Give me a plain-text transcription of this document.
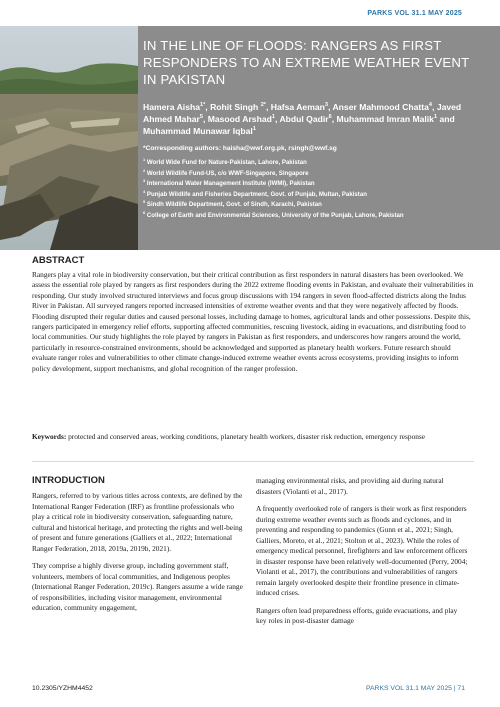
PARKS VOL 31.1 MAY 2025
IN THE LINE OF FLOODS: RANGERS AS FIRST RESPONDERS TO AN EXTREME WEATHER EVENT IN PAKISTAN
Hamera Aisha$^{1*}$, Rohit Singh $^{2*}$, Hafsa Aeman$^3$, Anser Mahmood Chatta$^4$, Javed Ahmed Mahar$^5$, Masood Arshad$^1$, Abdul Qadir$^6$, Muhammad Imran Malik$^1$ and Muhammad Munawar Iqbal$^1$
*Corresponding authors: haisha@wwf.org.pk, rsingh@wwf.sg
$^1$ World Wide Fund for Nature-Pakistan, Lahore, Pakistan
$^2$ World Wildlife Fund-US, c/o WWF-Singapore, Singapore
$^3$ International Water Management Institute (IWMI), Pakistan
$^4$ Punjab Wildlife and Fisheries Department, Govt. of Punjab, Multan, Pakistan
$^5$ Sindh Wildlife Department, Govt. of Sindh, Karachi, Pakistan
$^6$ College of Earth and Environmental Sciences, University of the Punjab, Lahore, Pakistan
ABSTRACT

Rangers play a vital role in biodiversity conservation, but their critical contribution as first responders in natural disasters has been overlooked. We assess the essential role played by rangers as first responders during the 2022 extreme flooding events in Pakistan, and evaluate their vulnerabilities in responding. Our study involved structured interviews and focus group discussions with 194 rangers in seven flood-affected districts along the Indus River in Pakistan. All surveyed rangers reported increased intensities of extreme weather events and that they were negatively affected by floods. Flooding disrupted their regular duties and caused personal losses, including damage to homes, agricultural lands and other possessions. Despite this, rangers participated in emergency relief efforts, supporting affected communities, rescuing livestock, aiding in evacuations, and distributing food to local communities. Our study highlights the role played by rangers in Pakistan as first responders, and underscores how rangers around the world, particularly in resource-constrained environments, should be acknowledged and supported as planetary health workers. Future research should evaluate ranger roles and vulnerabilities to other climate change-induced extreme weather events across ecosystems, providing insights to inform policy development, support mechanisms, and global recognition of the ranger profession.

Keywords: protected and conserved areas, working conditions, planetary health workers, disaster risk reduction, emergency response

INTRODUCTION

Rangers, referred to by various titles across contexts, are defined by the International Ranger Federation (IRF) as frontline professionals who play a critical role in biodiversity conservation, safeguarding nature, cultural and historical heritage, and protecting the rights and well-being of present and future generations (Galliers et al., 2022; International Ranger Federation, 2018, 2019a, 2019b, 2021).

They comprise a highly diverse group, including government staff, volunteers, members of local communities, and Indigenous peoples (International Ranger Federation, 2019c). Rangers assume a wide range of responsibilities, including visitor management, environmental education, community engagement,

managing environmental risks, and providing aid during natural disasters (Violanti et al., 2017).

A frequently overlooked role of rangers is their work as first responders during extreme weather events such as floods and cyclones, and in preventing and responding to pandemics (Gunn et al., 2021; Singh, Galliers, Moreto, et al., 2021; Stolton et al., 2023). While the roles of emergency medical personnel, firefighters and law enforcement officers in disaster response have been relatively well-documented (Perry, 2004; Violanti et al., 2017), the contributions and vulnerabilities of rangers remain largely overlooked despite their frontline presence in climate-induced crises.

Rangers often lead preparedness efforts, guide evacuations, and play key roles in post-disaster damage

10.2305/YZHM4452	PARKS VOL 31.1 MAY 2025 | 71
